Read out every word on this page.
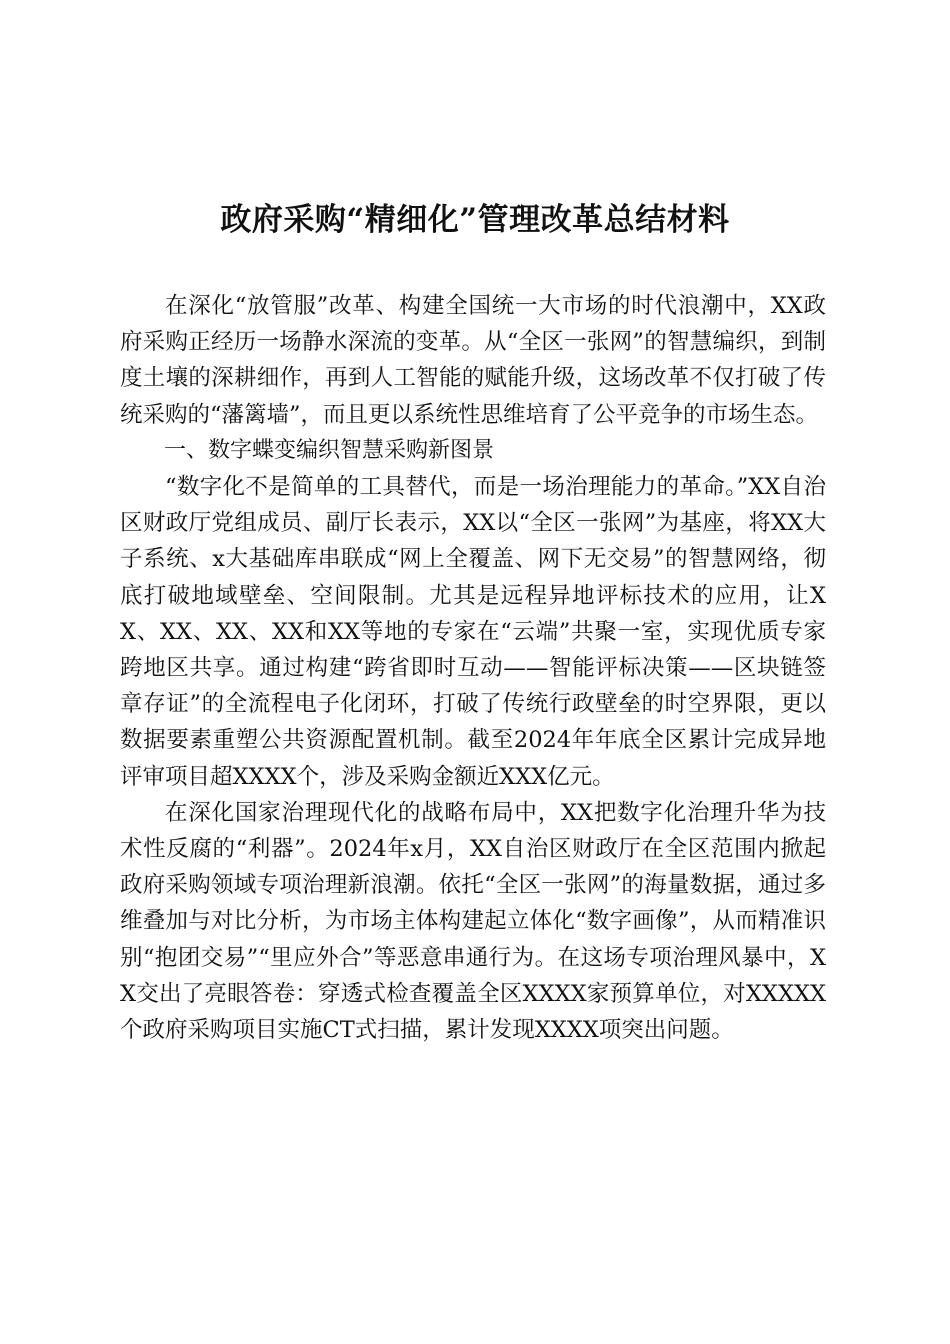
政府采购“精细化”管理改革总结材料

在深化“放管服”改革、构建全国统一大市场的时代浪潮中，XX政府采购正经历一场静水深流的变革。从“全区一张网”的智慧编织，到制度土壤的深耕细作，再到人工智能的赋能升级，这场改革不仅打破了传统采购的“藩篱墙”，而且更以系统性思维培育了公平竞争的市场生态。

一、数字蝶变编织智慧采购新图景

“数字化不是简单的工具替代，而是一场治理能力的革命。”XX自治区财政厅党组成员、副厅长表示，XX以“全区一张网”为基座，将XX大子系统、x大基础库串联成“网上全覆盖、网下无交易”的智慧网络，彻底打破地域壁垒、空间限制。尤其是远程异地评标技术的应用，让XX、XX、XX、XX和XX等地的专家在“云端”共聚一室，实现优质专家跨地区共享。通过构建“跨省即时互动——智能评标决策——区块链签章存证”的全流程电子化闭环，打破了传统行政壁垒的时空界限，更以数据要素重塑公共资源配置机制。截至2024年年底全区累计完成异地评审项目超XXXX个，涉及采购金额近XXX亿元。

在深化国家治理现代化的战略布局中，XX把数字化治理升华为技术性反腐的“利器”。2024年x月，XX自治区财政厅在全区范围内掀起政府采购领域专项治理新浪潮。依托“全区一张网”的海量数据，通过多维叠加与对比分析，为市场主体构建起立体化“数字画像”，从而精准识别“抱团交易”“里应外合”等恶意串通行为。在这场专项治理风暴中，XX交出了亮眼答卷：穿透式检查覆盖全区XXXX家预算单位，对XXXXX个政府采购项目实施CT式扫描，累计发现XXXX项突出问题。
